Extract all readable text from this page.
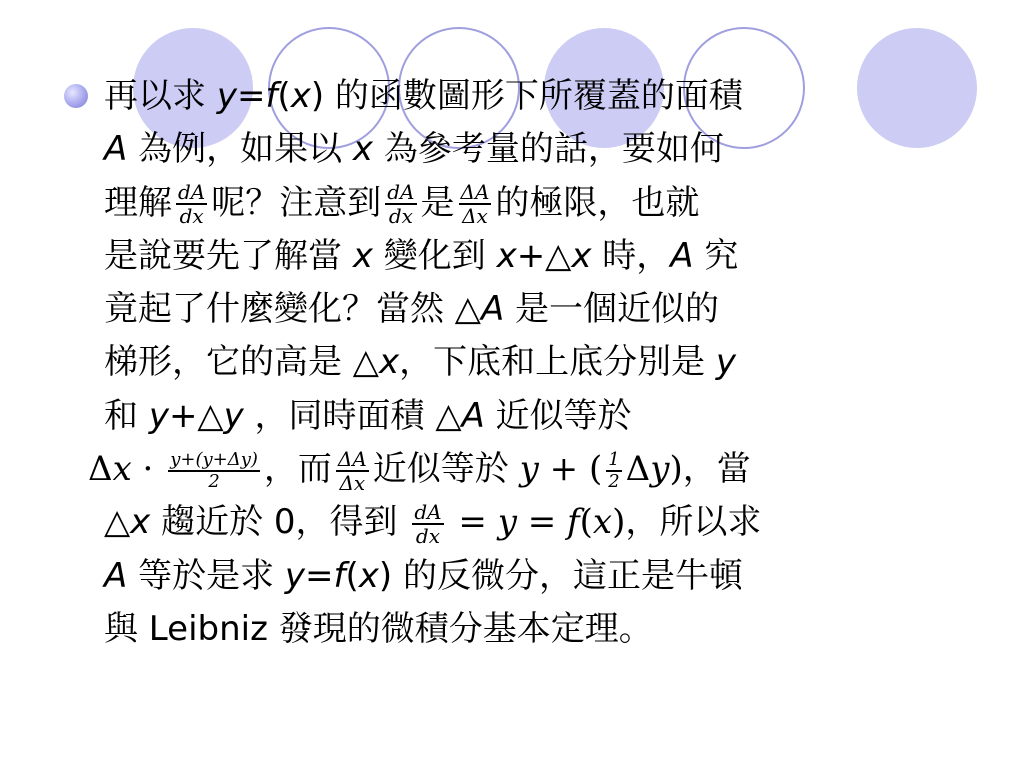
再以求 y=f(x) 的函數圖形下所覆蓋的面積
A 為例，如果以 x 為參考量的話，要如何
理解 $\frac{dA}{dx}$ 呢？注意到 $\frac{dA}{dx}$ 是 $\frac{\Delta A}{\Delta x}$ 的極限，也就
是說要先了解當 x 變化到 x+△x 時，A 究
竟起了什麼變化？當然 △A 是一個近似的
梯形，它的高是 △x，下底和上底分別是 y
和 y+△y ，同時面積 △A 近似等於
$\Delta x \cdot \frac{y+(y+\Delta y)}{2}$ ，而 $\frac{\Delta A}{\Delta x}$ 近似等於 y + ( $\frac{1}{2} \Delta y$)，當
△x 趨近於 0，得到 $\frac{dA}{dx} = y = f(x)$，所以求
A 等於是求 y=f(x) 的反微分，這正是牛頓
與 Leibniz 發現的微積分基本定理。
